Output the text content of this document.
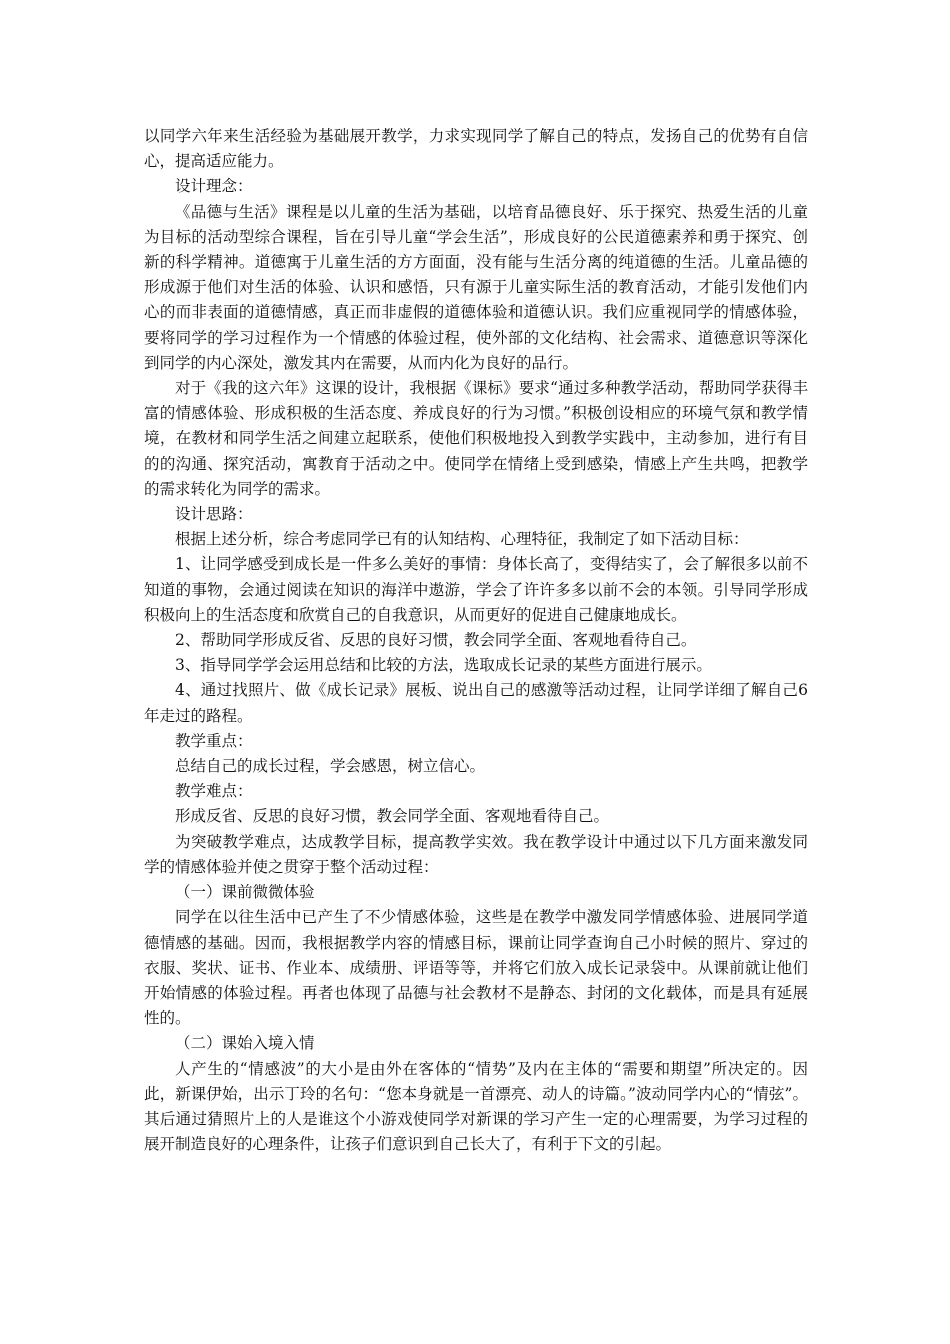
以同学六年来生活经验为基础展开教学，力求实现同学了解自己的特点，发扬自己的优势有自信心，提高适应能力。

设计理念：

《品德与生活》课程是以儿童的生活为基础，以培育品德良好、乐于探究、热爱生活的儿童为目标的活动型综合课程，旨在引导儿童“学会生活”，形成良好的公民道德素养和勇于探究、创新的科学精神。道德寓于儿童生活的方方面面，没有能与生活分离的纯道德的生活。儿童品德的形成源于他们对生活的体验、认识和感悟，只有源于儿童实际生活的教育活动，才能引发他们内心的而非表面的道德情感，真正而非虚假的道德体验和道德认识。我们应重视同学的情感体验，要将同学的学习过程作为一个情感的体验过程，使外部的文化结构、社会需求、道德意识等深化到同学的内心深处，激发其内在需要，从而内化为良好的品行。

对于《我的这六年》这课的设计，我根据《课标》要求“通过多种教学活动，帮助同学获得丰富的情感体验、形成积极的生活态度、养成良好的行为习惯。”积极创设相应的环境气氛和教学情境，在教材和同学生活之间建立起联系，使他们积极地投入到教学实践中，主动参加，进行有目的的沟通、探究活动，寓教育于活动之中。使同学在情绪上受到感染，情感上产生共鸣，把教学的需求转化为同学的需求。

设计思路：

根据上述分析，综合考虑同学已有的认知结构、心理特征，我制定了如下活动目标：

1、让同学感受到成长是一件多么美好的事情：身体长高了，变得结实了，会了解很多以前不知道的事物，会通过阅读在知识的海洋中遨游，学会了许许多多以前不会的本领。引导同学形成积极向上的生活态度和欣赏自己的自我意识，从而更好的促进自己健康地成长。

2、帮助同学形成反省、反思的良好习惯，教会同学全面、客观地看待自己。

3、指导同学学会运用总结和比较的方法，选取成长记录的某些方面进行展示。

4、通过找照片、做《成长记录》展板、说出自己的感激等活动过程，让同学详细了解自己6年走过的路程。

教学重点：

总结自己的成长过程，学会感恩，树立信心。

教学难点：

形成反省、反思的良好习惯，教会同学全面、客观地看待自己。

为突破教学难点，达成教学目标，提高教学实效。我在教学设计中通过以下几方面来激发同学的情感体验并使之贯穿于整个活动过程：

（一）课前微微体验

同学在以往生活中已产生了不少情感体验，这些是在教学中激发同学情感体验、进展同学道德情感的基础。因而，我根据教学内容的情感目标，课前让同学查询自己小时候的照片、穿过的衣服、奖状、证书、作业本、成绩册、评语等等，并将它们放入成长记录袋中。从课前就让他们开始情感的体验过程。再者也体现了品德与社会教材不是静态、封闭的文化载体，而是具有延展性的。

（二）课始入境入情

人产生的“情感波”的大小是由外在客体的“情势”及内在主体的“需要和期望”所决定的。因此，新课伊始，出示丁玲的名句：“您本身就是一首漂亮、动人的诗篇。”波动同学内心的“情弦”。其后通过猜照片上的人是谁这个小游戏使同学对新课的学习产生一定的心理需要，为学习过程的展开制造良好的心理条件，让孩子们意识到自己长大了，有利于下文的引起。
